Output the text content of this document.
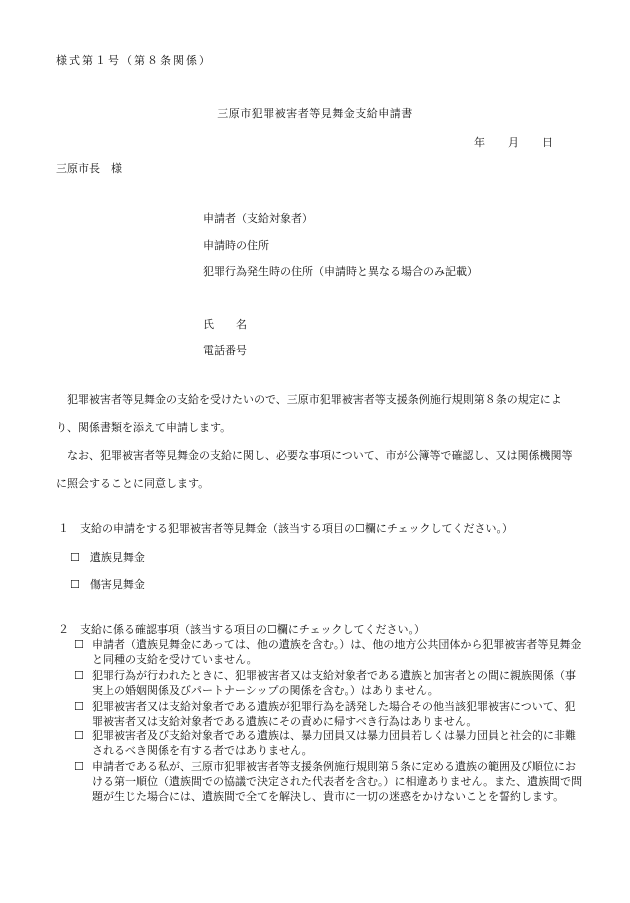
様式第１号（第８条関係）
三原市犯罪被害者等見舞金支給申請書
年 月 日
三原市長　様
申請者（支給対象者）
申請時の住所
犯罪行為発生時の住所（申請時と異なる場合のみ記載）
氏　　名
電話番号
犯罪被害者等見舞金の支給を受けたいので、三原市犯罪被害者等支援条例施行規則第８条の規定により、関係書類を添えて申請します。
なお、犯罪被害者等見舞金の支給に関し、必要な事項について、市が公簿等で確認し、又は関係機関等に照会することに同意します。
１　支給の申請をする犯罪被害者等見舞金（該当する項目の☐欄にチェックしてください。）
☐ 遺族見舞金
☐ 傷害見舞金
２　支給に係る確認事項（該当する項目の☐欄にチェックしてください。）
☐ 申請者（遺族見舞金にあっては、他の遺族を含む。）は、他の地方公共団体から犯罪被害者等見舞金と同種の支給を受けていません。
☐ 犯罪行為が行われたときに、犯罪被害者又は支給対象者である遺族と加害者との間に親族関係（事実上の婚姻関係及びパートナーシップの関係を含む。）はありません。
☐ 犯罪被害者又は支給対象者である遺族が犯罪行為を誘発した場合その他当該犯罪被害について、犯罪被害者又は支給対象者である遺族にその責めに帰すべき行為はありません。
☐ 犯罪被害者及び支給対象者である遺族は、暴力団員又は暴力団員若しくは暴力団員と社会的に非難されるべき関係を有する者ではありません。
☐ 申請者である私が、三原市犯罪被害者等支援条例施行規則第５条に定める遺族の範囲及び順位における第一順位（遺族間での協議で決定された代表者を含む。）に相違ありません。また、遺族間で問題が生じた場合には、遺族間で全てを解決し、貴市に一切の迷惑をかけないことを誓約します。
